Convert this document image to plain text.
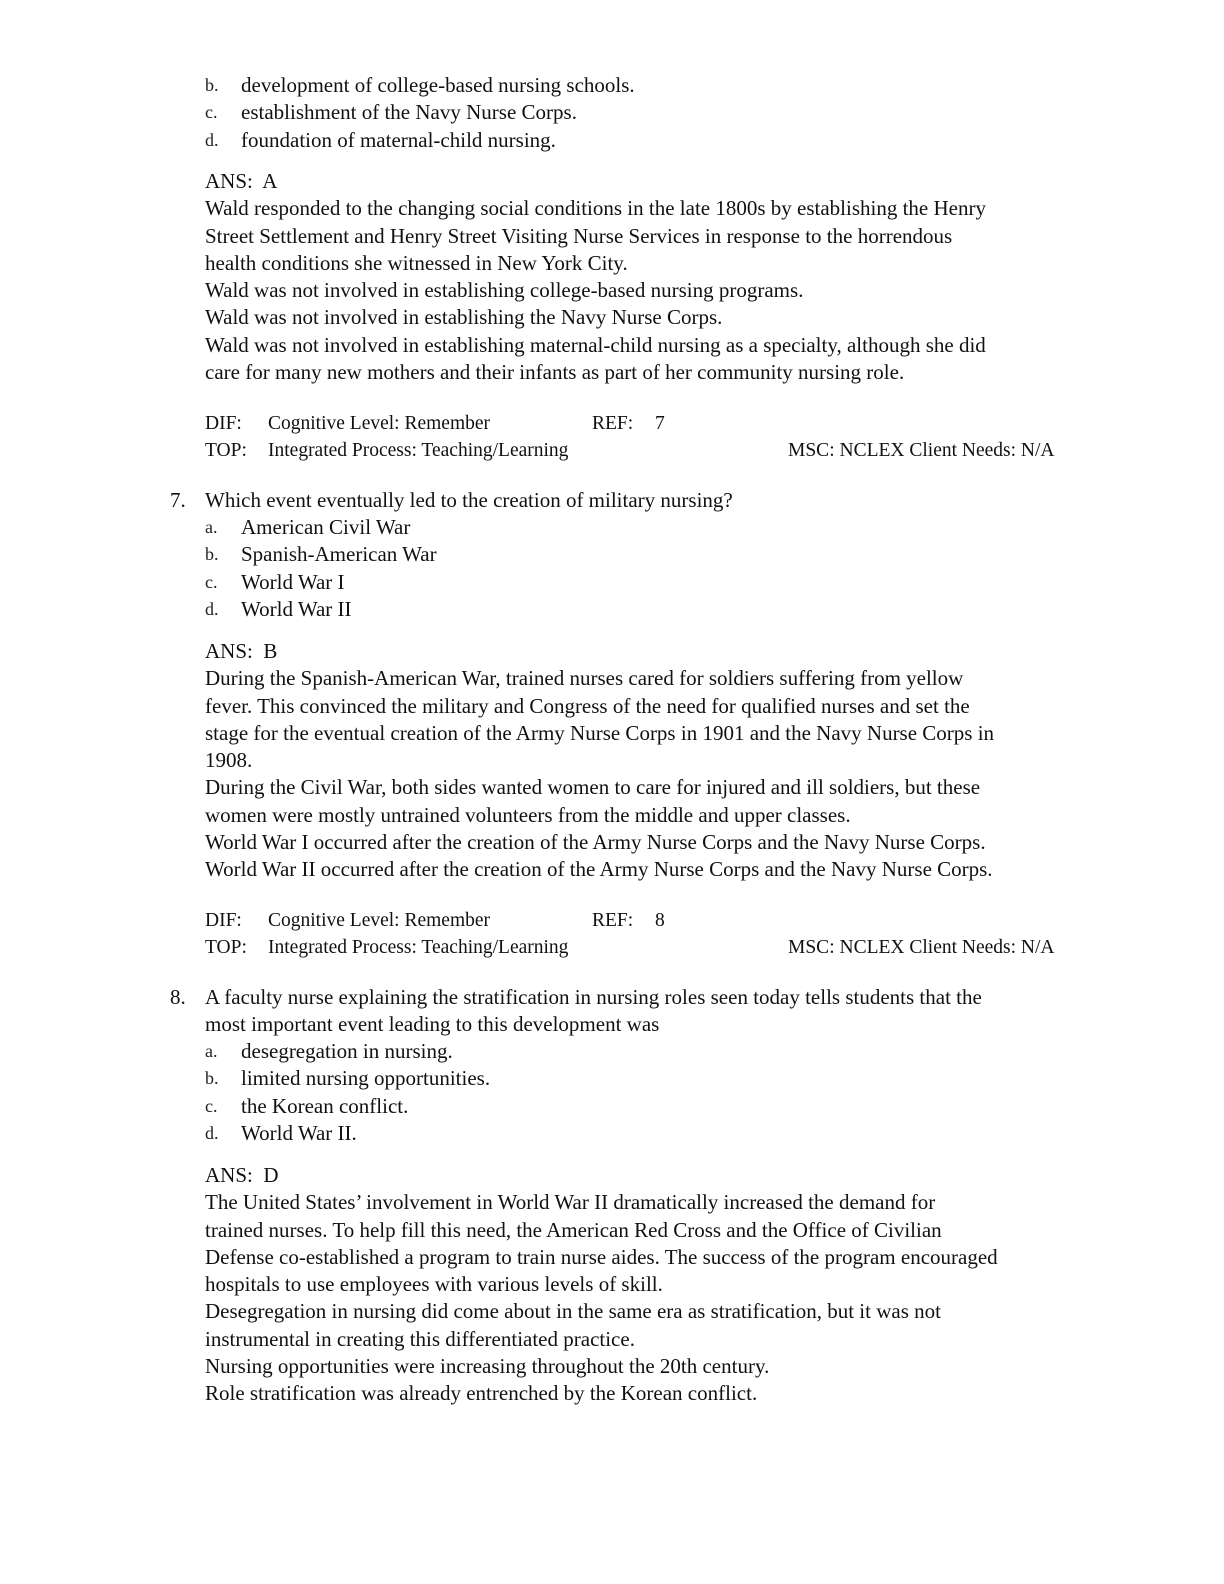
b.	development of college-based nursing schools.
c.	establishment of the Navy Nurse Corps.
d.	foundation of maternal-child nursing.
ANS: A
Wald responded to the changing social conditions in the late 1800s by establishing the Henry
Street Settlement and Henry Street Visiting Nurse Services in response to the horrendous
health conditions she witnessed in New York City.
Wald was not involved in establishing college-based nursing programs.
Wald was not involved in establishing the Navy Nurse Corps.
Wald was not involved in establishing maternal-child nursing as a specialty, although she did
care for many new mothers and their infants as part of her community nursing role.
DIF: Cognitive Level: Remember	REF: 7
TOP: Integrated Process: Teaching/Learning	MSC: NCLEX Client Needs: N/A
7. Which event eventually led to the creation of military nursing?
a.	American Civil War
b.	Spanish-American War
c.	World War I
d.	World War II
ANS: B
During the Spanish-American War, trained nurses cared for soldiers suffering from yellow
fever. This convinced the military and Congress of the need for qualified nurses and set the
stage for the eventual creation of the Army Nurse Corps in 1901 and the Navy Nurse Corps in
1908.
During the Civil War, both sides wanted women to care for injured and ill soldiers, but these
women were mostly untrained volunteers from the middle and upper classes.
World War I occurred after the creation of the Army Nurse Corps and the Navy Nurse Corps.
World War II occurred after the creation of the Army Nurse Corps and the Navy Nurse Corps.
DIF: Cognitive Level: Remember	REF: 8
TOP: Integrated Process: Teaching/Learning	MSC: NCLEX Client Needs: N/A
8. A faculty nurse explaining the stratification in nursing roles seen today tells students that the
most important event leading to this development was
a.	desegregation in nursing.
b.	limited nursing opportunities.
c.	the Korean conflict.
d.	World War II.
ANS: D
The United States’ involvement in World War II dramatically increased the demand for
trained nurses. To help fill this need, the American Red Cross and the Office of Civilian
Defense co-established a program to train nurse aides. The success of the program encouraged
hospitals to use employees with various levels of skill.
Desegregation in nursing did come about in the same era as stratification, but it was not
instrumental in creating this differentiated practice.
Nursing opportunities were increasing throughout the 20th century.
Role stratification was already entrenched by the Korean conflict.
